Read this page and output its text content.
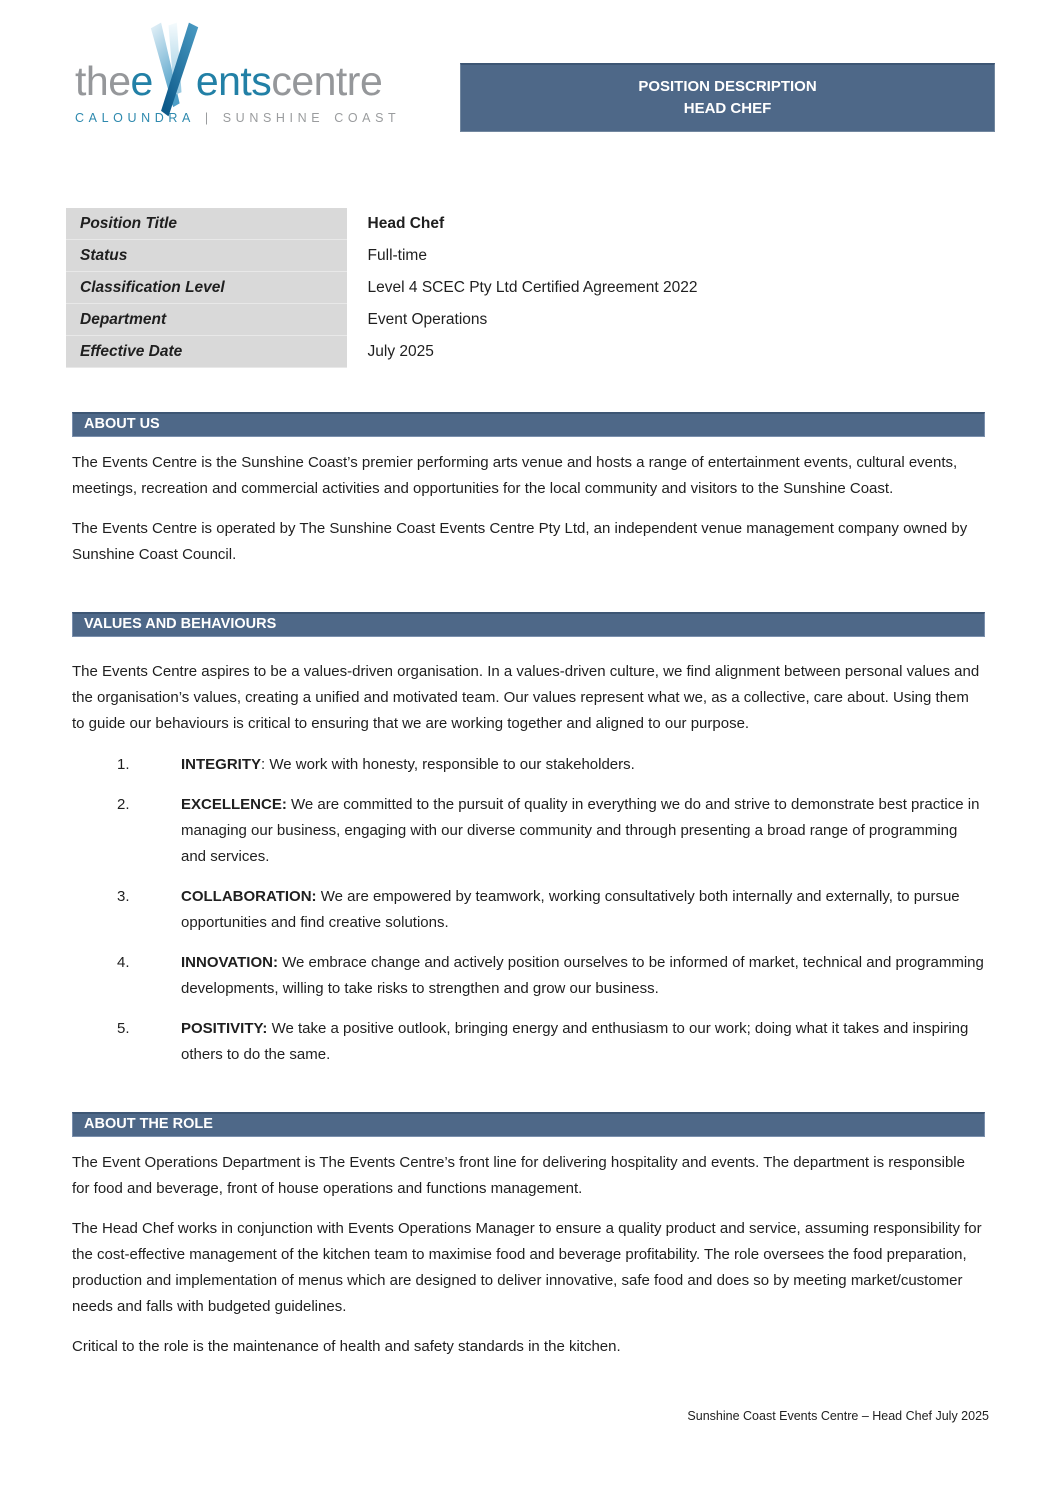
the e ents centre
CALOUNDRA | SUNSHINE COAST
POSITION DESCRIPTION
HEAD CHEF
Position Title	Head Chef
Status	Full-time
Classification Level	Level 4 SCEC Pty Ltd Certified Agreement 2022
Department	Event Operations
Effective Date	July 2025
ABOUT US

The Events Centre is the Sunshine Coast’s premier performing arts venue and hosts a range of entertainment events, cultural events, meetings, recreation and commercial activities and opportunities for the local community and visitors to the Sunshine Coast.

The Events Centre is operated by The Sunshine Coast Events Centre Pty Ltd, an independent venue management company owned by Sunshine Coast Council.

VALUES AND BEHAVIOURS

The Events Centre aspires to be a values-driven organisation. In a values-driven culture, we find alignment between personal values and the organisation’s values, creating a unified and motivated team. Our values represent what we, as a collective, care about. Using them to guide our behaviours is critical to ensuring that we are working together and aligned to our purpose.

1.	INTEGRITY: We work with honesty, responsible to our stakeholders.
2.	EXCELLENCE: We are committed to the pursuit of quality in everything we do and strive to demonstrate best practice in managing our business, engaging with our diverse community and through presenting a broad range of programming and services.
3.	COLLABORATION: We are empowered by teamwork, working consultatively both internally and externally, to pursue opportunities and find creative solutions.
4.	INNOVATION: We embrace change and actively position ourselves to be informed of market, technical and programming developments, willing to take risks to strengthen and grow our business.
5.	POSITIVITY: We take a positive outlook, bringing energy and enthusiasm to our work; doing what it takes and inspiring others to do the same.
ABOUT THE ROLE

The Event Operations Department is The Events Centre’s front line for delivering hospitality and events. The department is responsible for food and beverage, front of house operations and functions management.

The Head Chef works in conjunction with Events Operations Manager to ensure a quality product and service, assuming responsibility for the cost-effective management of the kitchen team to maximise food and beverage profitability. The role oversees the food preparation, production and implementation of menus which are designed to deliver innovative, safe food and does so by meeting market/customer needs and falls with budgeted guidelines.

Critical to the role is the maintenance of health and safety standards in the kitchen.

Sunshine Coast Events Centre – Head Chef July 2025
